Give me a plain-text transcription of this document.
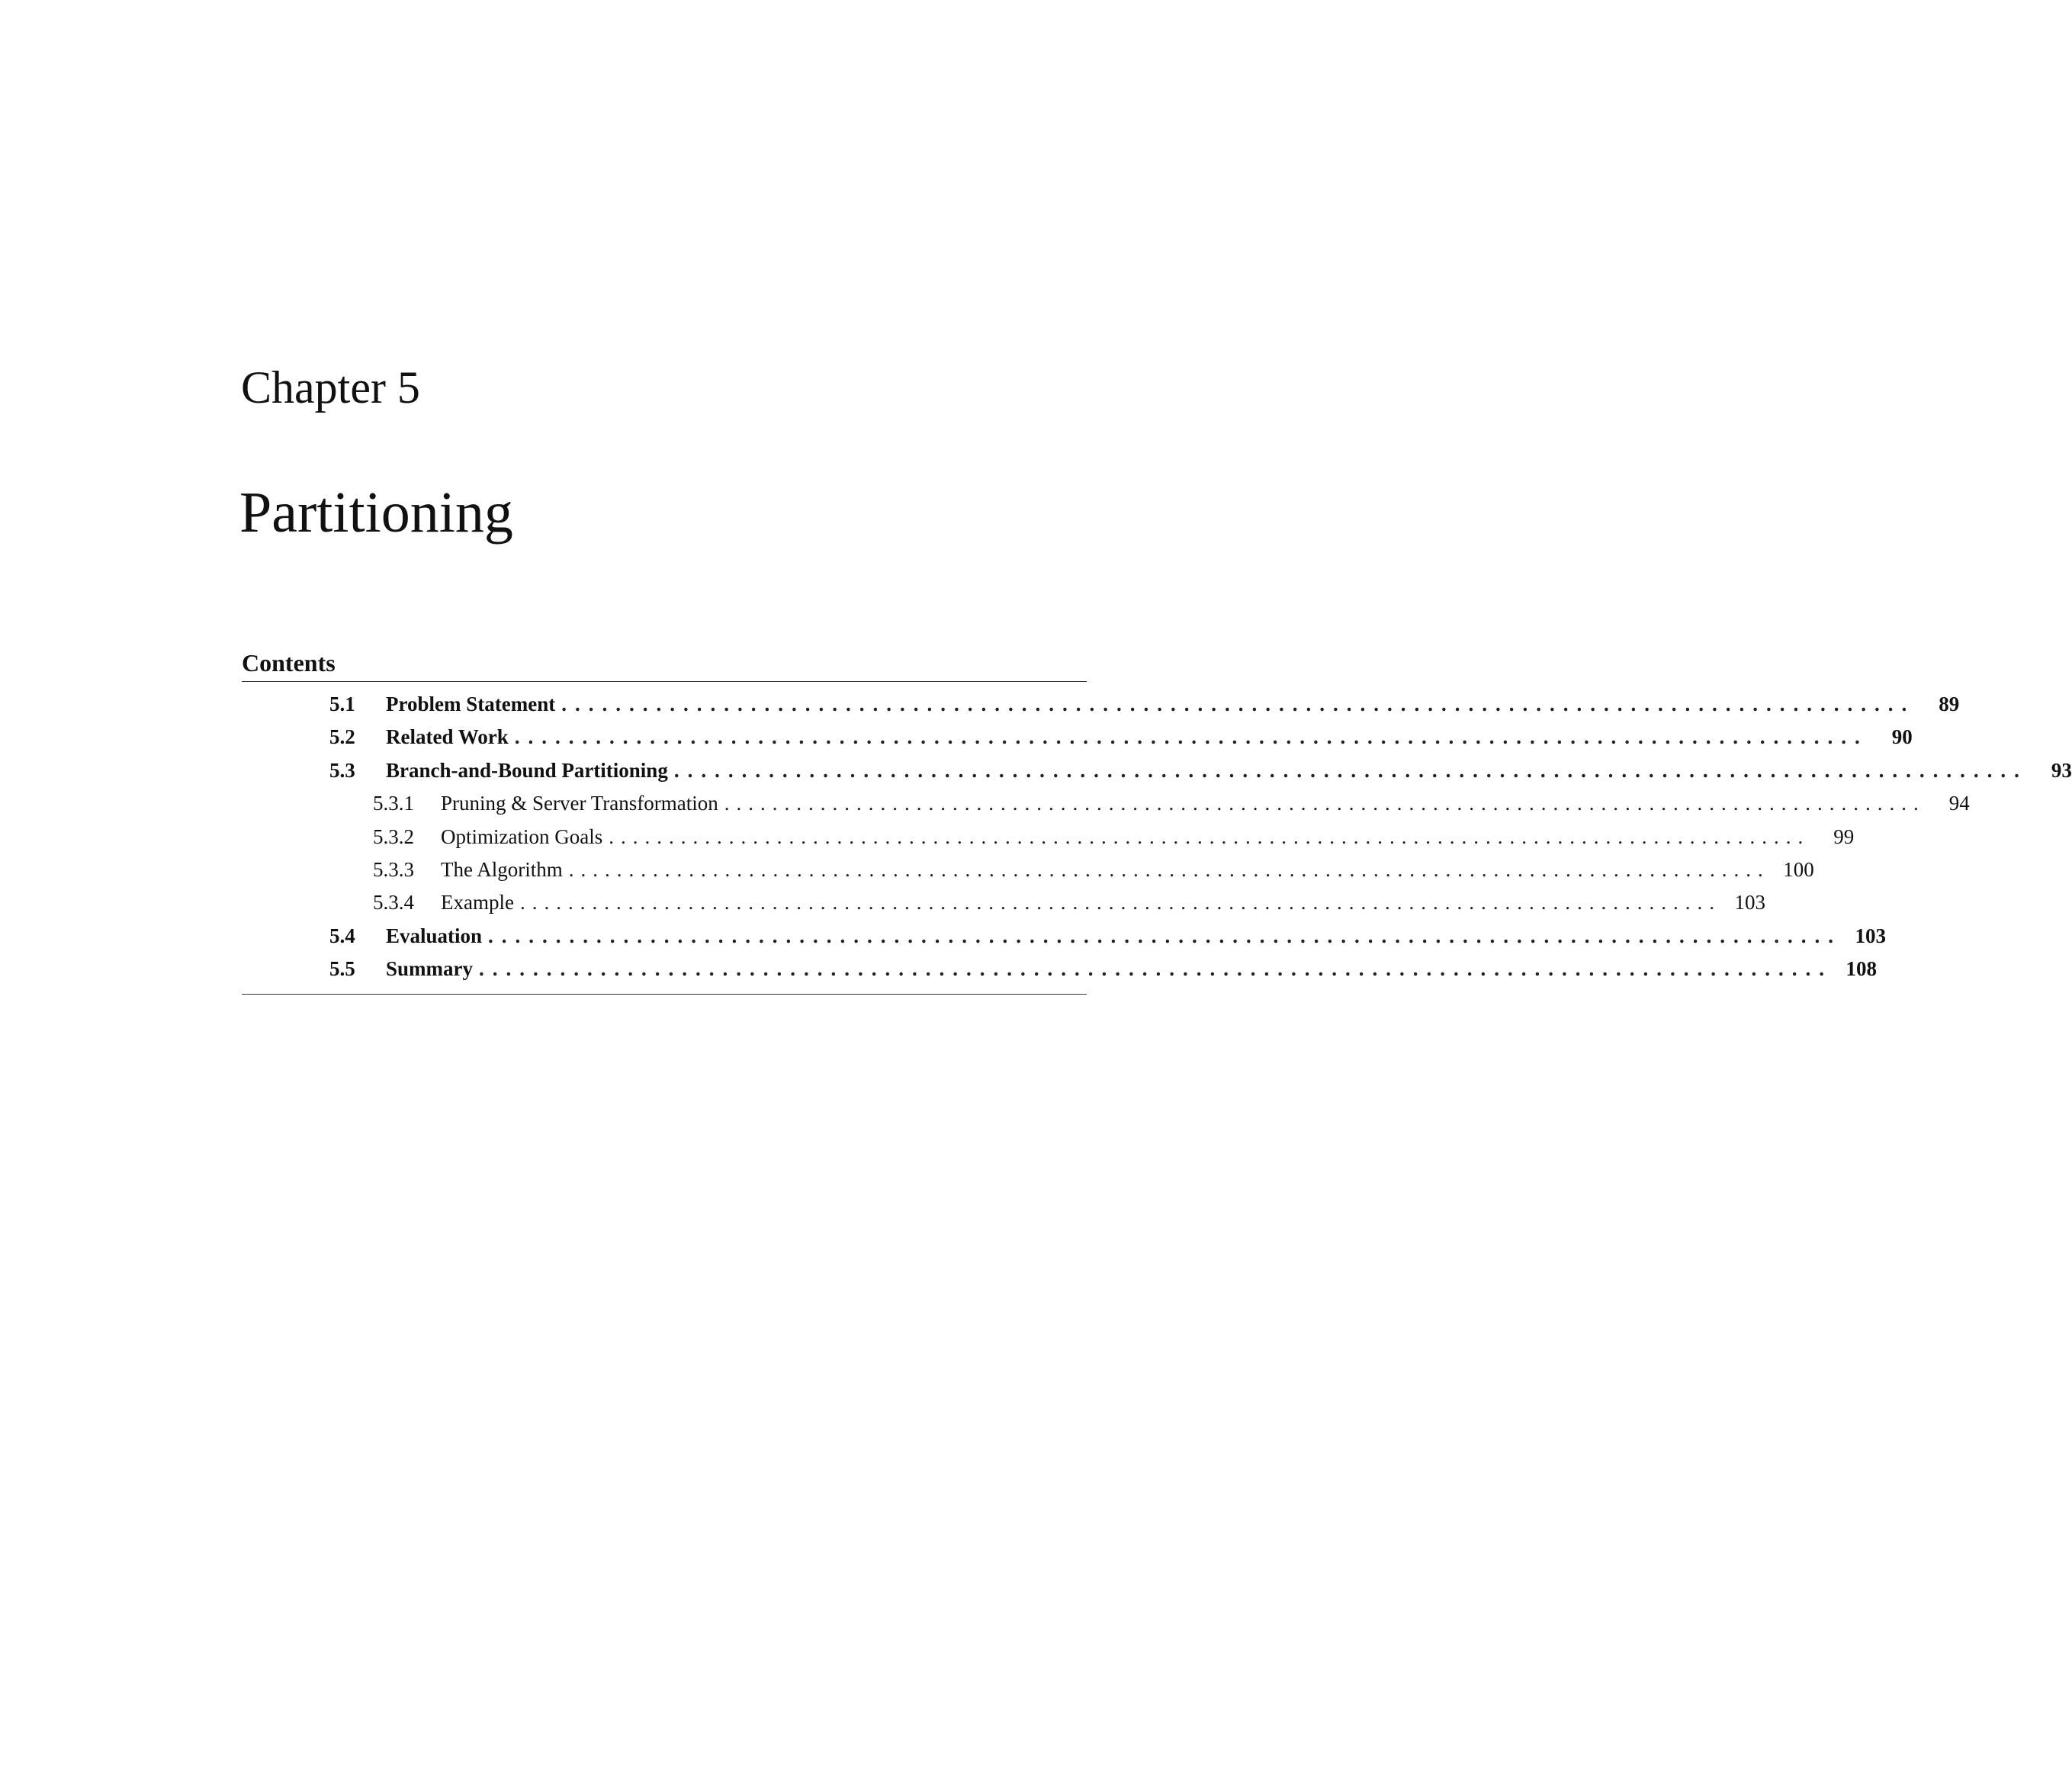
Chapter 5
Partitioning
Contents
5.1	Problem Statement ....................................................................................................	89
5.2	Related Work ....................................................................................................	90
5.3	Branch-and-Bound Partitioning ....................................................................................................	93
5.3.1	Pruning & Server Transformation ....................................................................................................	94
5.3.2	Optimization Goals ....................................................................................................	99
5.3.3	The Algorithm .................................................................................................... 100
5.3.4	Example .................................................................................................... 103
5.4	Evaluation .................................................................................................... 103
5.5	Summary .................................................................................................... 108
